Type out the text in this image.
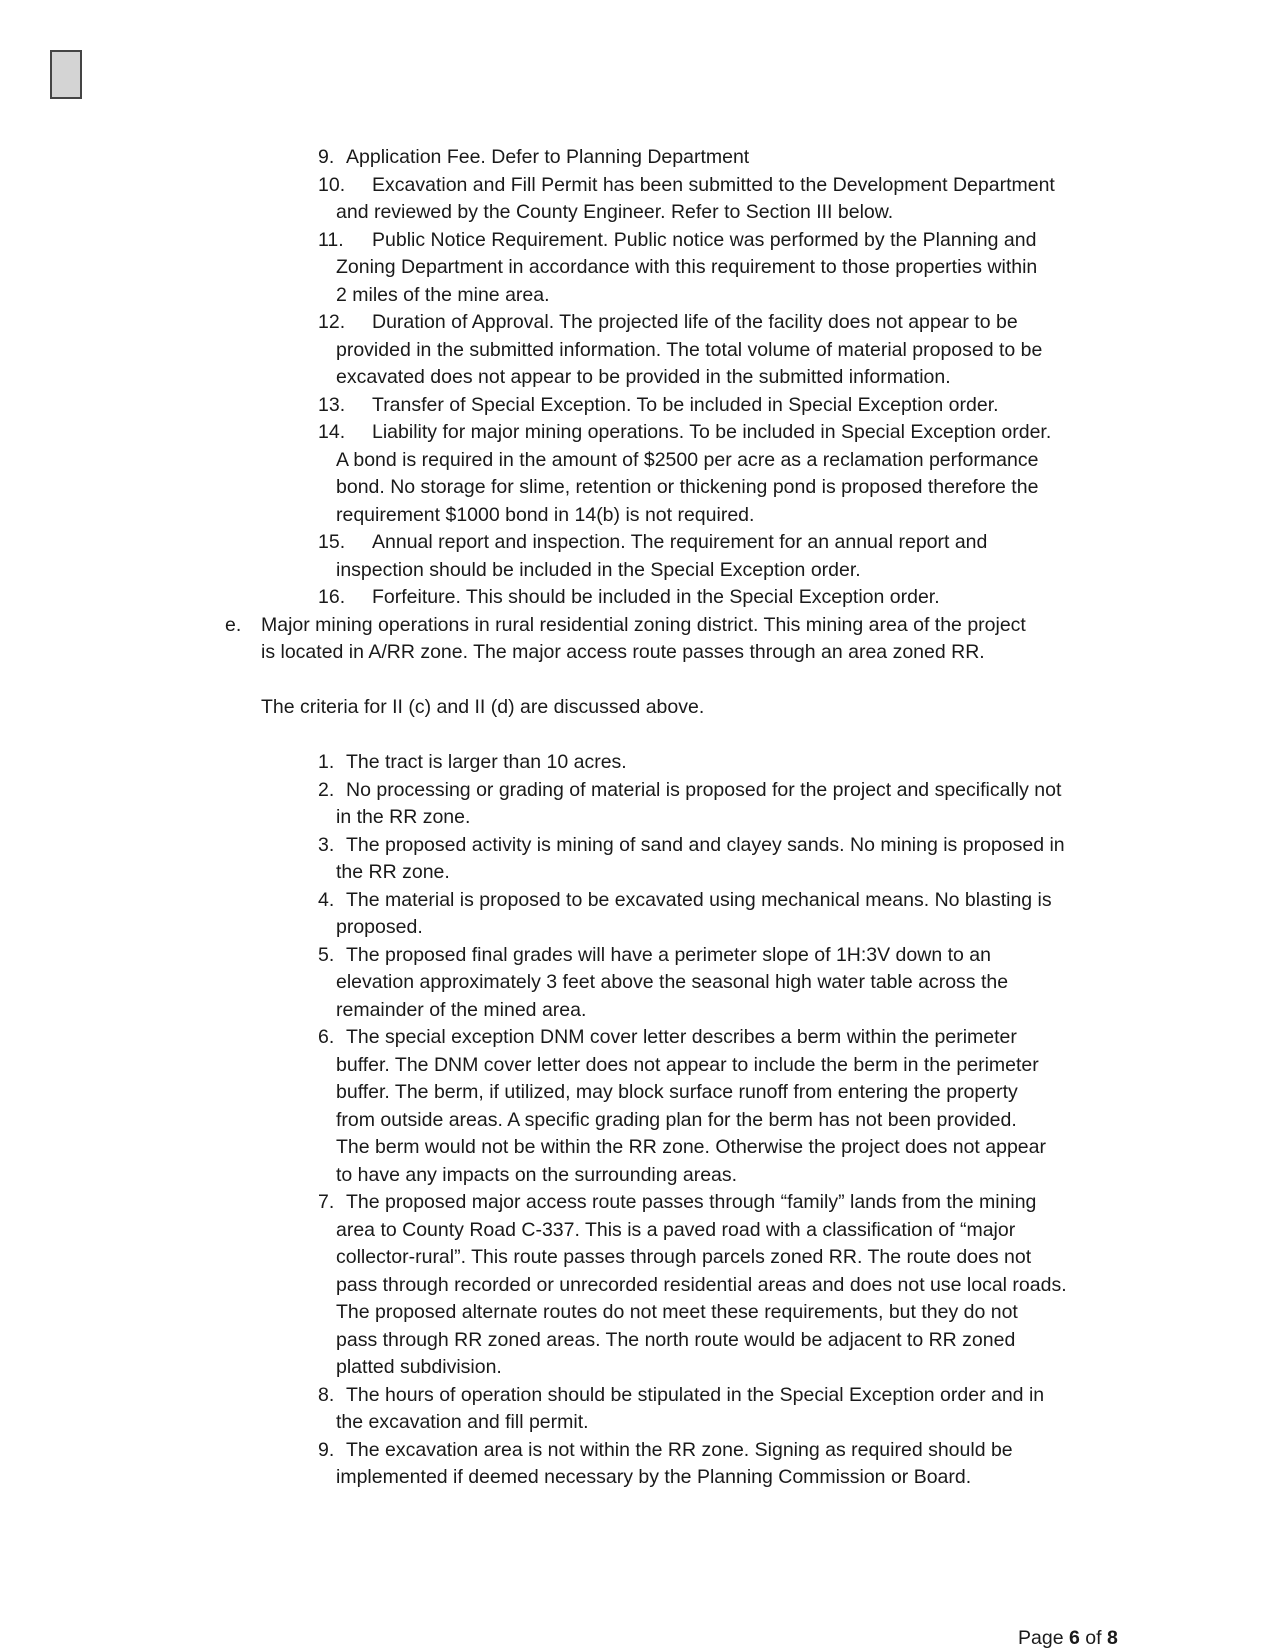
9. Application Fee. Defer to Planning Department
10. Excavation and Fill Permit has been submitted to the Development Department
and reviewed by the County Engineer. Refer to Section III below.
11. Public Notice Requirement. Public notice was performed by the Planning and
Zoning Department in accordance with this requirement to those properties within
2 miles of the mine area.
12. Duration of Approval. The projected life of the facility does not appear to be
provided in the submitted information. The total volume of material proposed to be
excavated does not appear to be provided in the submitted information.
13. Transfer of Special Exception. To be included in Special Exception order.
14. Liability for major mining operations. To be included in Special Exception order.
A bond is required in the amount of $2500 per acre as a reclamation performance
bond. No storage for slime, retention or thickening pond is proposed therefore the
requirement $1000 bond in 14(b) is not required.
15. Annual report and inspection. The requirement for an annual report and
inspection should be included in the Special Exception order.
16. Forfeiture. This should be included in the Special Exception order.
e. Major mining operations in rural residential zoning district. This mining area of the project
is located in A/RR zone. The major access route passes through an area zoned RR.
The criteria for II (c) and II (d) are discussed above.
1. The tract is larger than 10 acres.
2. No processing or grading of material is proposed for the project and specifically not
in the RR zone.
3. The proposed activity is mining of sand and clayey sands. No mining is proposed in
the RR zone.
4. The material is proposed to be excavated using mechanical means. No blasting is
proposed.
5. The proposed final grades will have a perimeter slope of 1H:3V down to an
elevation approximately 3 feet above the seasonal high water table across the
remainder of the mined area.
6. The special exception DNM cover letter describes a berm within the perimeter
buffer. The DNM cover letter does not appear to include the berm in the perimeter
buffer. The berm, if utilized, may block surface runoff from entering the property
from outside areas. A specific grading plan for the berm has not been provided.
The berm would not be within the RR zone. Otherwise the project does not appear
to have any impacts on the surrounding areas.
7. The proposed major access route passes through “family” lands from the mining
area to County Road C-337. This is a paved road with a classification of “major
collector-rural”. This route passes through parcels zoned RR. The route does not
pass through recorded or unrecorded residential areas and does not use local roads.
The proposed alternate routes do not meet these requirements, but they do not
pass through RR zoned areas. The north route would be adjacent to RR zoned
platted subdivision.
8. The hours of operation should be stipulated in the Special Exception order and in
the excavation and fill permit.
9. The excavation area is not within the RR zone. Signing as required should be
implemented if deemed necessary by the Planning Commission or Board.
Page 6 of 8
